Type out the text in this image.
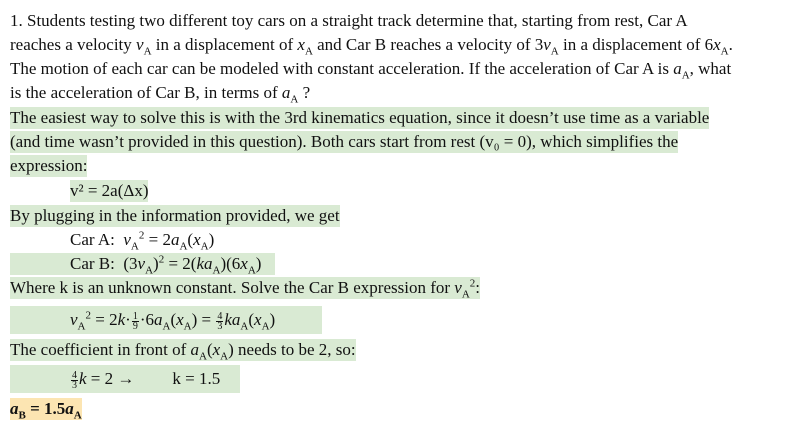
1. Students testing two different toy cars on a straight track determine that, starting from rest, Car A
reaches a velocity $v_A$ in a displacement of $x_A$ and Car B reaches a velocity of $3v_A$ in a displacement of $6x_A$.
The motion of each car can be modeled with constant acceleration. If the acceleration of Car A is $a_A$, what
is the acceleration of Car B, in terms of $a_A$ ?
The easiest way to solve this is with the 3rd kinematics equation, since it doesn’t use time as a variable
(and time wasn’t provided in this question). Both cars start from rest (v₀ = 0), which simplifies the
expression:
v² = 2a(Δx)
By plugging in the information provided, we get
Car A: $v_A^2 = 2a_A(x_A)$
Car B:  $(3v_A)^2 = 2(ka_A)(6x_A)$
Where k is an unknown constant. Solve the Car B expression for $v_A^2$:
$v_A^2 = 2k\cdot \frac{1}{9} \cdot 6a_A(x_A) = \frac{4}{3} ka_A(x_A)$
The coefficient in front of $a_A(x_A)$ needs to be 2, so:
$\frac{4}{3}$ k = 2 → k = 1.5
$a_B = 1.5a_A$
